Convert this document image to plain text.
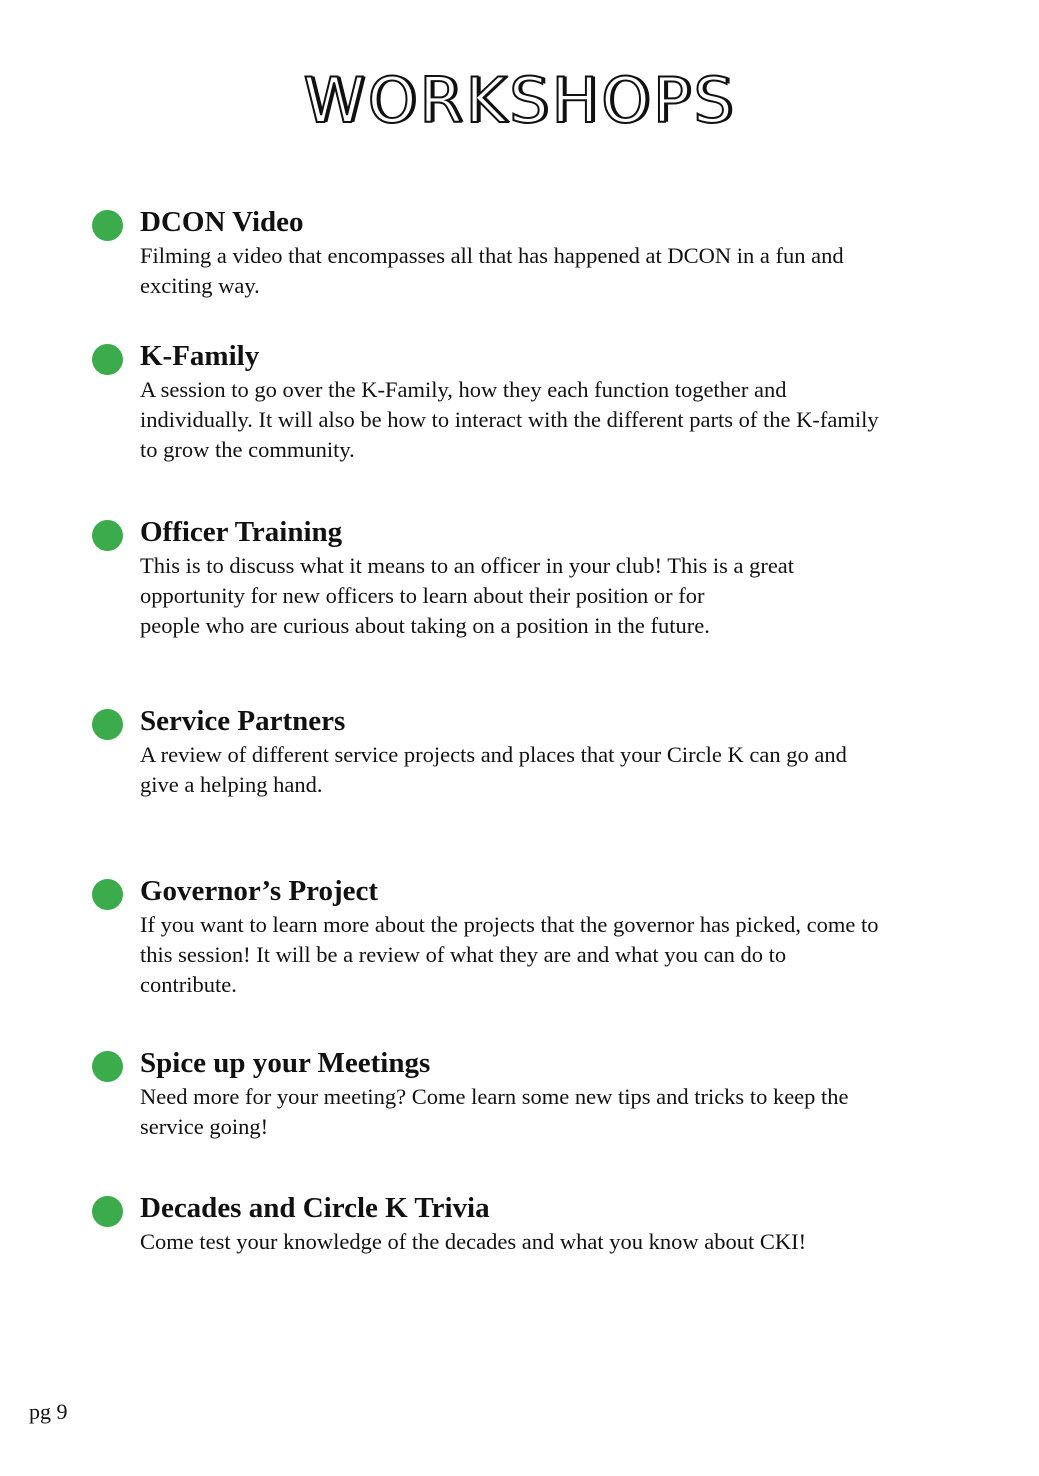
WORKSHOPS
DCON Video

Filming a video that encompasses all that has happened at DCON in a fun and
exciting way.

K-Family

A session to go over the K-Family, how they each function together and
individually. It will also be how to interact with the different parts of the K-family
to grow the community.

Officer Training

This is to discuss what it means to an officer in your club! This is a great
opportunity for new officers to learn about their position or for
people who are curious about taking on a position in the future.

Service Partners

A review of different service projects and places that your Circle K can go and
give a helping hand.

Governor’s Project

If you want to learn more about the projects that the governor has picked, come to
this session! It will be a review of what they are and what you can do to
contribute.

Spice up your Meetings

Need more for your meeting? Come learn some new tips and tricks to keep the
service going!

Decades and Circle K Trivia

Come test your knowledge of the decades and what you know about CKI!

pg 9
